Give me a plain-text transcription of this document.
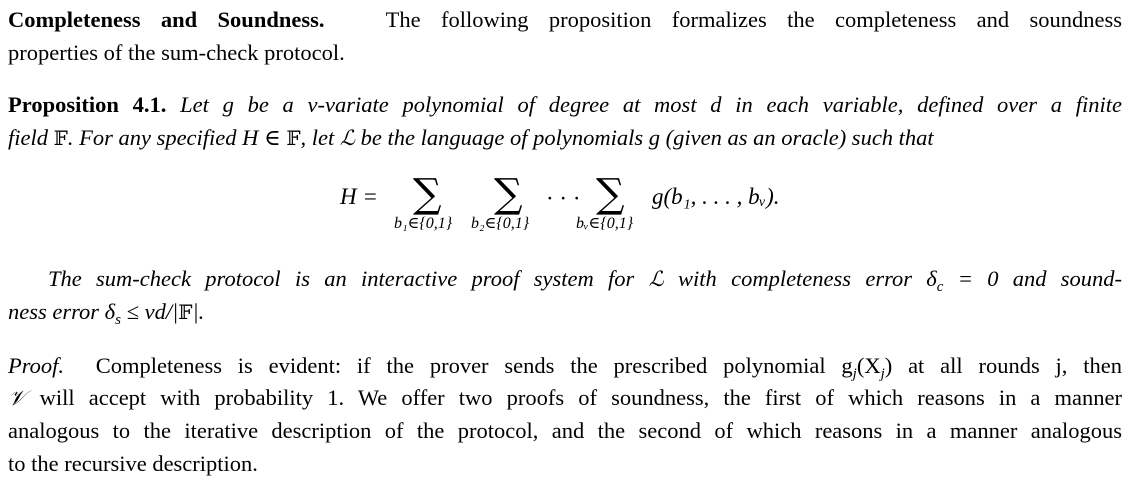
Completeness and Soundness.	The following proposition formalizes the completeness and soundness
properties of the sum-check protocol.
Proposition 4.1. Let g be a v-variate polynomial of degree at most d in each variable, defined over a finite
field 𝔽. For any specified H ∈ 𝔽, let ℒ be the language of polynomials g (given as an oracle) such that
H = ∑
b₁∈{0,1}
∑
b₂∈{0,1}
· · · ∑
bᵥ∈{0,1}
g(b₁, . . . , bᵥ).
The sum-check protocol is an interactive proof system for ℒ with completeness error $\delta_c = 0$ and sound-
ness error $\delta_s$ ≤ vd/|𝔽|.
Proof. Completeness is evident: if the prover sends the prescribed polynomial $g_j(X_j)$ at all rounds j, then
𝒱 will accept with probability 1. We offer two proofs of soundness, the first of which reasons in a manner
analogous to the iterative description of the protocol, and the second of which reasons in a manner analogous
to the recursive description.
